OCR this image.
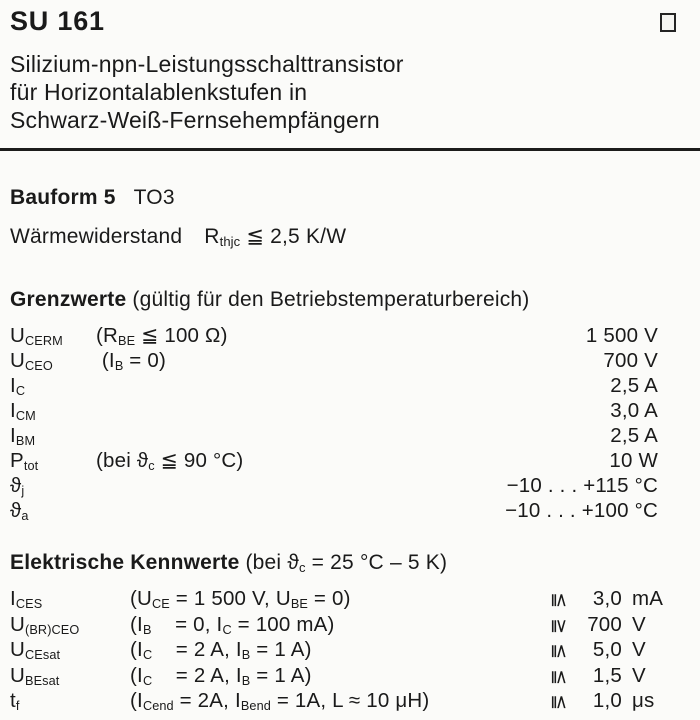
SU 161
Silizium-npn-Leistungsschalttransistor
für Horizontalablenkstufen in
Schwarz-Weiß-Fernsehempfängern
Bauform 5 TO3
Wärmewiderstand $R_{thjc}$ ≦ 2,5 K/W
Grenzwerte (gültig für den Betriebstemperaturbereich)
$U_{CERM}$	($R_{BE}$ ≦ 100 Ω)	1 500 V
$U_{CEO}$	$(I_B = 0)$	700 V
$I_C$	2,5 A
$I_{CM}$	3,0 A
$I_{BM}$	2,5 A
$P_{tot}$	(bei $ϑ_c$ ≦ 90 °C)	10 W
$ϑ_j$	−10 . . . +115 °C
$ϑ_a$	−10 . . . +100 °C
Elektrische Kennwerte (bei $ϑ_c = 25$ °C – 5 K)
$I_{CES}$	($U_{CE} = 1$ 500 V, $U_{BE} = 0$)	≦	3,0 mA
$U_{(BR)CEO}$	($I_B$    = 0, $I_C = 100$ mA)	≧ 700 V
$U_{CEsat}$	($I_C$    = 2 A, $I_B = 1$ A)	≦	5,0 V
$U_{BEsat}$	($I_C$    = 2 A, $I_B = 1$ A)	≦	1,5 V
$t_f$	($I_{Cend} = 2A$, $I_{Bend} = 1A$, L ≈ 10 μH)	≦	1,0 μs
